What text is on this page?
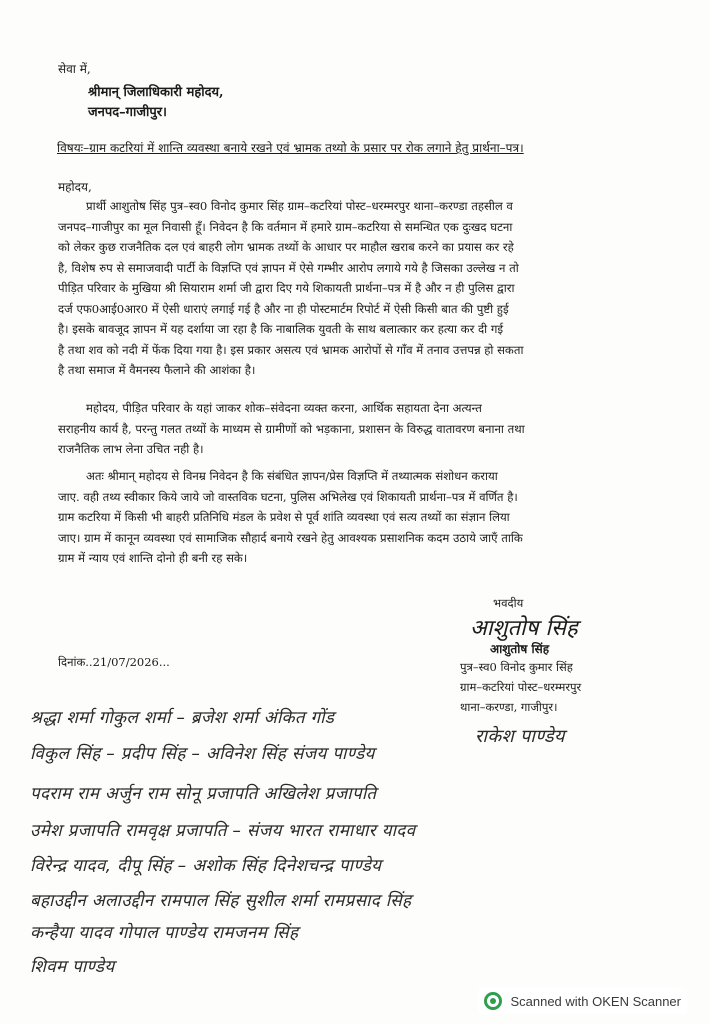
सेवा में,
श्रीमान् जिलाधिकारी महोदय,
जनपद–गाजीपुर।
विषयः–ग्राम कटरियां में शान्ति व्यवस्था बनाये रखने एवं भ्रामक तथ्यो के प्रसार पर रोक लगाने हेतु प्रार्थना–पत्र।
महोदय,
प्रार्थी आशुतोष सिंह पुत्र–स्व0 विनोद कुमार सिंह ग्राम–कटरियां पोस्ट–धरम्मरपुर थाना–करण्डा तहसील व
जनपद–गाजीपुर का मूल निवासी हूँ। निवेदन है कि वर्तमान में हमारे ग्राम–कटरिया से समन्धित एक दुःखद घटना
को लेकर कुछ राजनैतिक दल एवं बाहरी लोग भ्रामक तथ्यों के आधार पर माहौल खराब करने का प्रयास कर रहे
है, विशेष रुप से समाजवादी पार्टी के विज्ञप्ति एवं ज्ञापन में ऐसे गम्भीर आरोप लगाये गये है जिसका उल्लेख न तो
पीड़ित परिवार के मुखिया श्री सियाराम शर्मा जी द्वारा दिए गये शिकायती प्रार्थना–पत्र में है और न ही पुलिस द्वारा
दर्ज एफ0आई0आर0 में ऐसी धाराएं लगाई गई है और ना ही पोस्टमार्टम रिपोर्ट में ऐसी किसी बात की पुष्टी हुई
है। इसके बावजूद ज्ञापन में यह दर्शाया जा रहा है कि नाबालिक युवती के साथ बलात्कार कर हत्या कर दी गई
है तथा शव को नदी में फेंक दिया गया है। इस प्रकार असत्य एवं भ्रामक आरोपों से गाँव में तनाव उत्तपन्न हो सकता
है तथा समाज में वैमनस्य फैलाने की आशंका है।
महोदय, पीड़ित परिवार के यहां जाकर शोक–संवेदना व्यक्त करना, आर्थिक सहायता देना अत्यन्त
सराहनीय कार्य है, परन्तु गलत तथ्यों के माध्यम से ग्रामीणों को भड़काना, प्रशासन के विरुद्ध वातावरण बनाना तथा
राजनैतिक लाभ लेना उचित नही है।
अतः श्रीमान् महोदय से विनम्र निवेदन है कि संबंधित ज्ञापन/प्रेस विज्ञप्ति में तथ्यात्मक संशोधन कराया
जाए. वही तथ्य स्वीकार किये जाये जो वास्तविक घटना, पुलिस अभिलेख एवं शिकायती प्रार्थना–पत्र में वर्णित है।
ग्राम कटरिया में किसी भी बाहरी प्रतिनिधि मंडल के प्रवेश से पूर्व शांति व्यवस्था एवं सत्य तथ्यों का संज्ञान लिया
जाए। ग्राम में कानून व्यवस्था एवं सामाजिक सौहार्द बनाये रखने हेतु आवश्यक प्रसाशनिक कदम उठाये जाएँ ताकि
ग्राम में न्याय एवं शान्ति दोनो ही बनी रह सके।
भवदीय
आशुतोष सिंह
आशुतोष सिंह
पुत्र–स्व0 विनोद कुमार सिंह
ग्राम–कटरियां पोस्ट–धरम्मरपुर
थाना–करण्डा, गाजीपुर।
दिनांक..21/07/2026...
राकेश पाण्डेय
श्रद्धा शर्मा गोकुल शर्मा – ब्रजेश शर्मा अंकित गोंड
विकुल सिंह – प्रदीप सिंह – अविनेश सिंह संजय पाण्डेय
पदराम राम अर्जुन राम सोनू प्रजापति अखिलेश प्रजापति
उमेश प्रजापति रामवृक्ष प्रजापति – संजय भारत रामाधार यादव
विरेन्द्र यादव, दीपू सिंह – अशोक सिंह दिनेशचन्द्र पाण्डेय
बहाउद्दीन अलाउद्दीन रामपाल सिंह सुशील शर्मा रामप्रसाद सिंह
कन्हैया यादव गोपाल पाण्डेय रामजनम सिंह
शिवम पाण्डेय
Scanned with OKEN Scanner
